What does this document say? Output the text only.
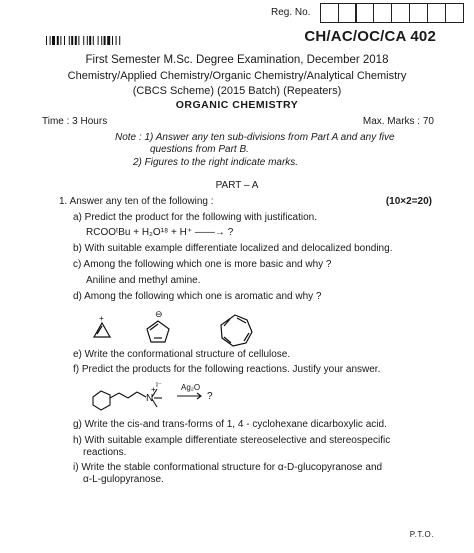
Reg. No.
CH/AC/OC/CA 402
First Semester M.Sc. Degree Examination, December 2018
Chemistry/Applied Chemistry/Organic Chemistry/Analytical Chemistry
(CBCS Scheme) (2015 Batch) (Repeaters)
ORGANIC CHEMISTRY
Time : 3 Hours	Max. Marks : 70
Note : 1) Answer any ten sub-divisions from Part A and any five
questions from Part B.
2) Figures to the right indicate marks.
PART – A
1. Answer any ten of the following :	(10×2=20)
a) Predict the product for the following with justification.
RCOOᵗBu + H₂O¹⁸ + H⁺ ——→ ?
b) With suitable example differentiate localized and delocalized bonding.
c) Among the following which one is more basic and why ?
Aniline and methyl amine.
d) Among the following which one is aromatic and why ?
+	⊖
e) Write the conformational structure of cellulose.
f) Predict the products for the following reactions. Justify your answer.
N
+ I⁻ Ag₂O
?
g) Write the cis-and trans-forms of 1, 4 - cyclohexane dicarboxylic acid.
h) With suitable example differentiate stereoselective and stereospecific
reactions.
i) Write the stable conformational structure for α-D-glucopyranose and
α-L-gulopyranose.
P.T.O.
